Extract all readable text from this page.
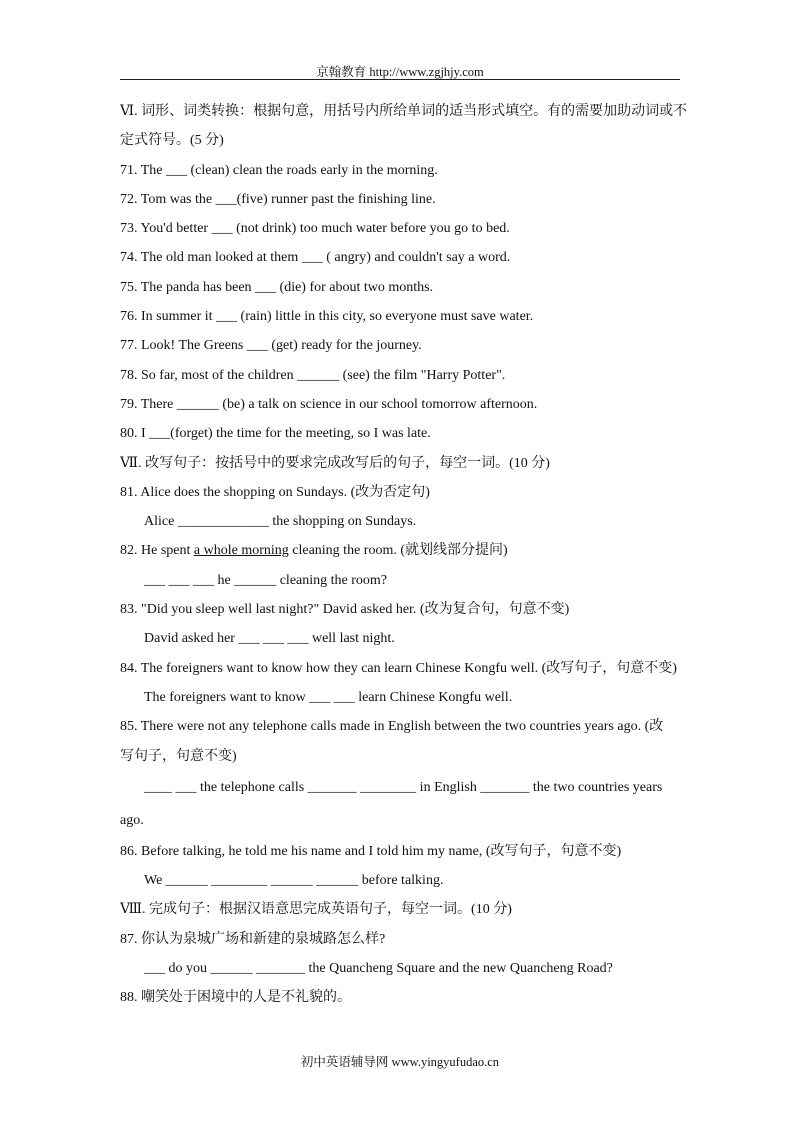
京翰教育 http://www.zgjhjy.com
Ⅵ. 词形、词类转换：根据句意，用括号内所给单词的适当形式填空。有的需要加助动词或不
定式符号。(5 分)
71. The ___ (clean) clean the roads early in the morning.
72. Tom was the ___(five) runner past the finishing line.
73. You'd better ___ (not drink) too much water before you go to bed.
74. The old man looked at them ___ ( angry) and couldn't say a word.
75. The panda has been ___ (die) for about two months.
76. In summer it ___ (rain) little in this city, so everyone must save water.
77. Look! The Greens ___ (get) ready for the journey.
78. So far, most of the children ______ (see) the film "Harry Potter".
79. There ______ (be) a talk on science in our school tomorrow afternoon.
80. I ___(forget) the time for the meeting, so I was late.
Ⅶ. 改写句子：按括号中的要求完成改写后的句子，每空一词。(10 分)
81. Alice does the shopping on Sundays. (改为否定句)
Alice _____________ the shopping on Sundays.
82. He spent a whole morning cleaning the room. (就划线部分提问)
___ ___ ___ he ______ cleaning the room?
83. "Did you sleep well last night?" David asked her. (改为复合句，句意不变)
David asked her ___ ___ ___ well last night.
84. The foreigners want to know how they can learn Chinese Kongfu well. (改写句子，句意不变)
The foreigners want to know ___ ___ learn Chinese Kongfu well.
85. There were not any telephone calls made in English between the two countries years ago. (改
写句子，句意不变)
____ ___ the telephone calls _______ ________ in English _______ the two countries years
ago.
86. Before talking, he told me his name and I told him my name, (改写句子，句意不变)
We ______ ________ ______ ______ before talking.
Ⅷ. 完成句子：根据汉语意思完成英语句子，每空一词。(10 分)
87. 你认为泉城广场和新建的泉城路怎么样?
___ do you ______ _______ the Quancheng Square and the new Quancheng Road?
88. 嘲笑处于困境中的人是不礼貌的。
初中英语辅导网 www.yingyufudao.cn
